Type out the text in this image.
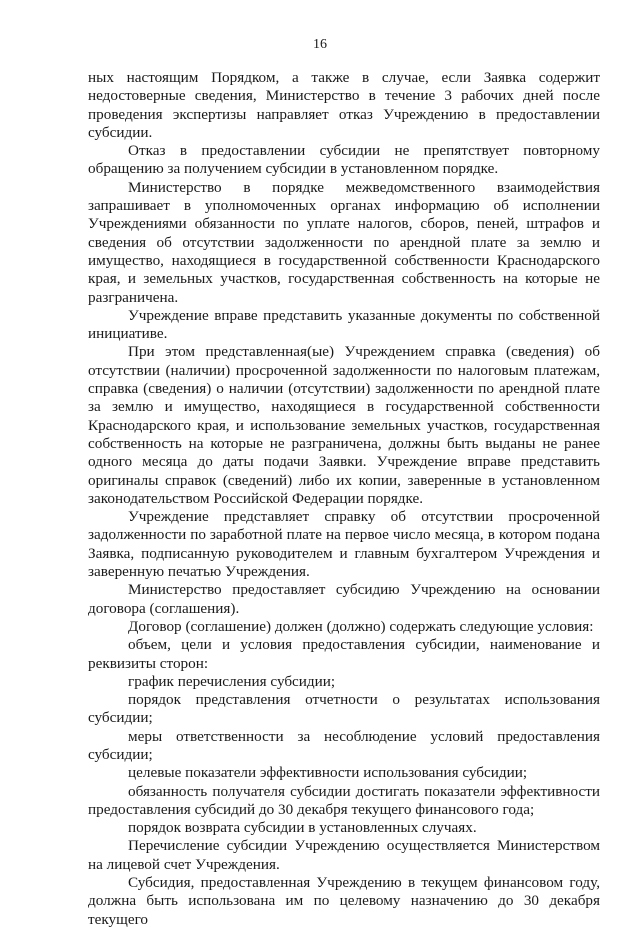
16

ных настоящим Порядком, а также в случае, если Заявка содержит недостоверные сведения, Министерство в течение 3 рабочих дней после проведения экспертизы направляет отказ Учреждению в предоставлении субсидии.

Отказ в предоставлении субсидии не препятствует повторному обращению за получением субсидии в установленном порядке.

Министерство в порядке межведомственного взаимодействия запрашивает в уполномоченных органах информацию об исполнении Учреждениями обязанности по уплате налогов, сборов, пеней, штрафов и сведения об отсутствии задолженности по арендной плате за землю и имущество, находящиеся в государственной собственности Краснодарского края, и земельных участков, государственная собственность на которые не разграничена.

Учреждение вправе представить указанные документы по собственной инициативе.

При этом представленная(ые) Учреждением справка (сведения) об отсутствии (наличии) просроченной задолженности по налоговым платежам, справка (сведения) о наличии (отсутствии) задолженности по арендной плате за землю и имущество, находящиеся в государственной собственности Краснодарского края, и использование земельных участков, государственная собственность на которые не разграничена, должны быть выданы не ранее одного месяца до даты подачи Заявки. Учреждение вправе представить оригиналы справок (сведений) либо их копии, заверенные в установленном законодательством Российской Федерации порядке.

Учреждение представляет справку об отсутствии просроченной задолженности по заработной плате на первое число месяца, в котором подана Заявка, подписанную руководителем и главным бухгалтером Учреждения и заверенную печатью Учреждения.

Министерство предоставляет субсидию Учреждению на основании договора (соглашения).

Договор (соглашение) должен (должно) содержать следующие условия:

объем, цели и условия предоставления субсидии, наименование и реквизиты сторон:

график перечисления субсидии;

порядок представления отчетности о результатах использования субсидии;

меры ответственности за несоблюдение условий предоставления субсидии;

целевые показатели эффективности использования субсидии;

обязанность получателя субсидии достигать показатели эффективности предоставления субсидий до 30 декабря текущего финансового года;

порядок возврата субсидии в установленных случаях.

Перечисление субсидии Учреждению осуществляется Министерством на лицевой счет Учреждения.

Субсидия, предоставленная Учреждению в текущем финансовом году, должна быть использована им по целевому назначению до 30 декабря текущего
